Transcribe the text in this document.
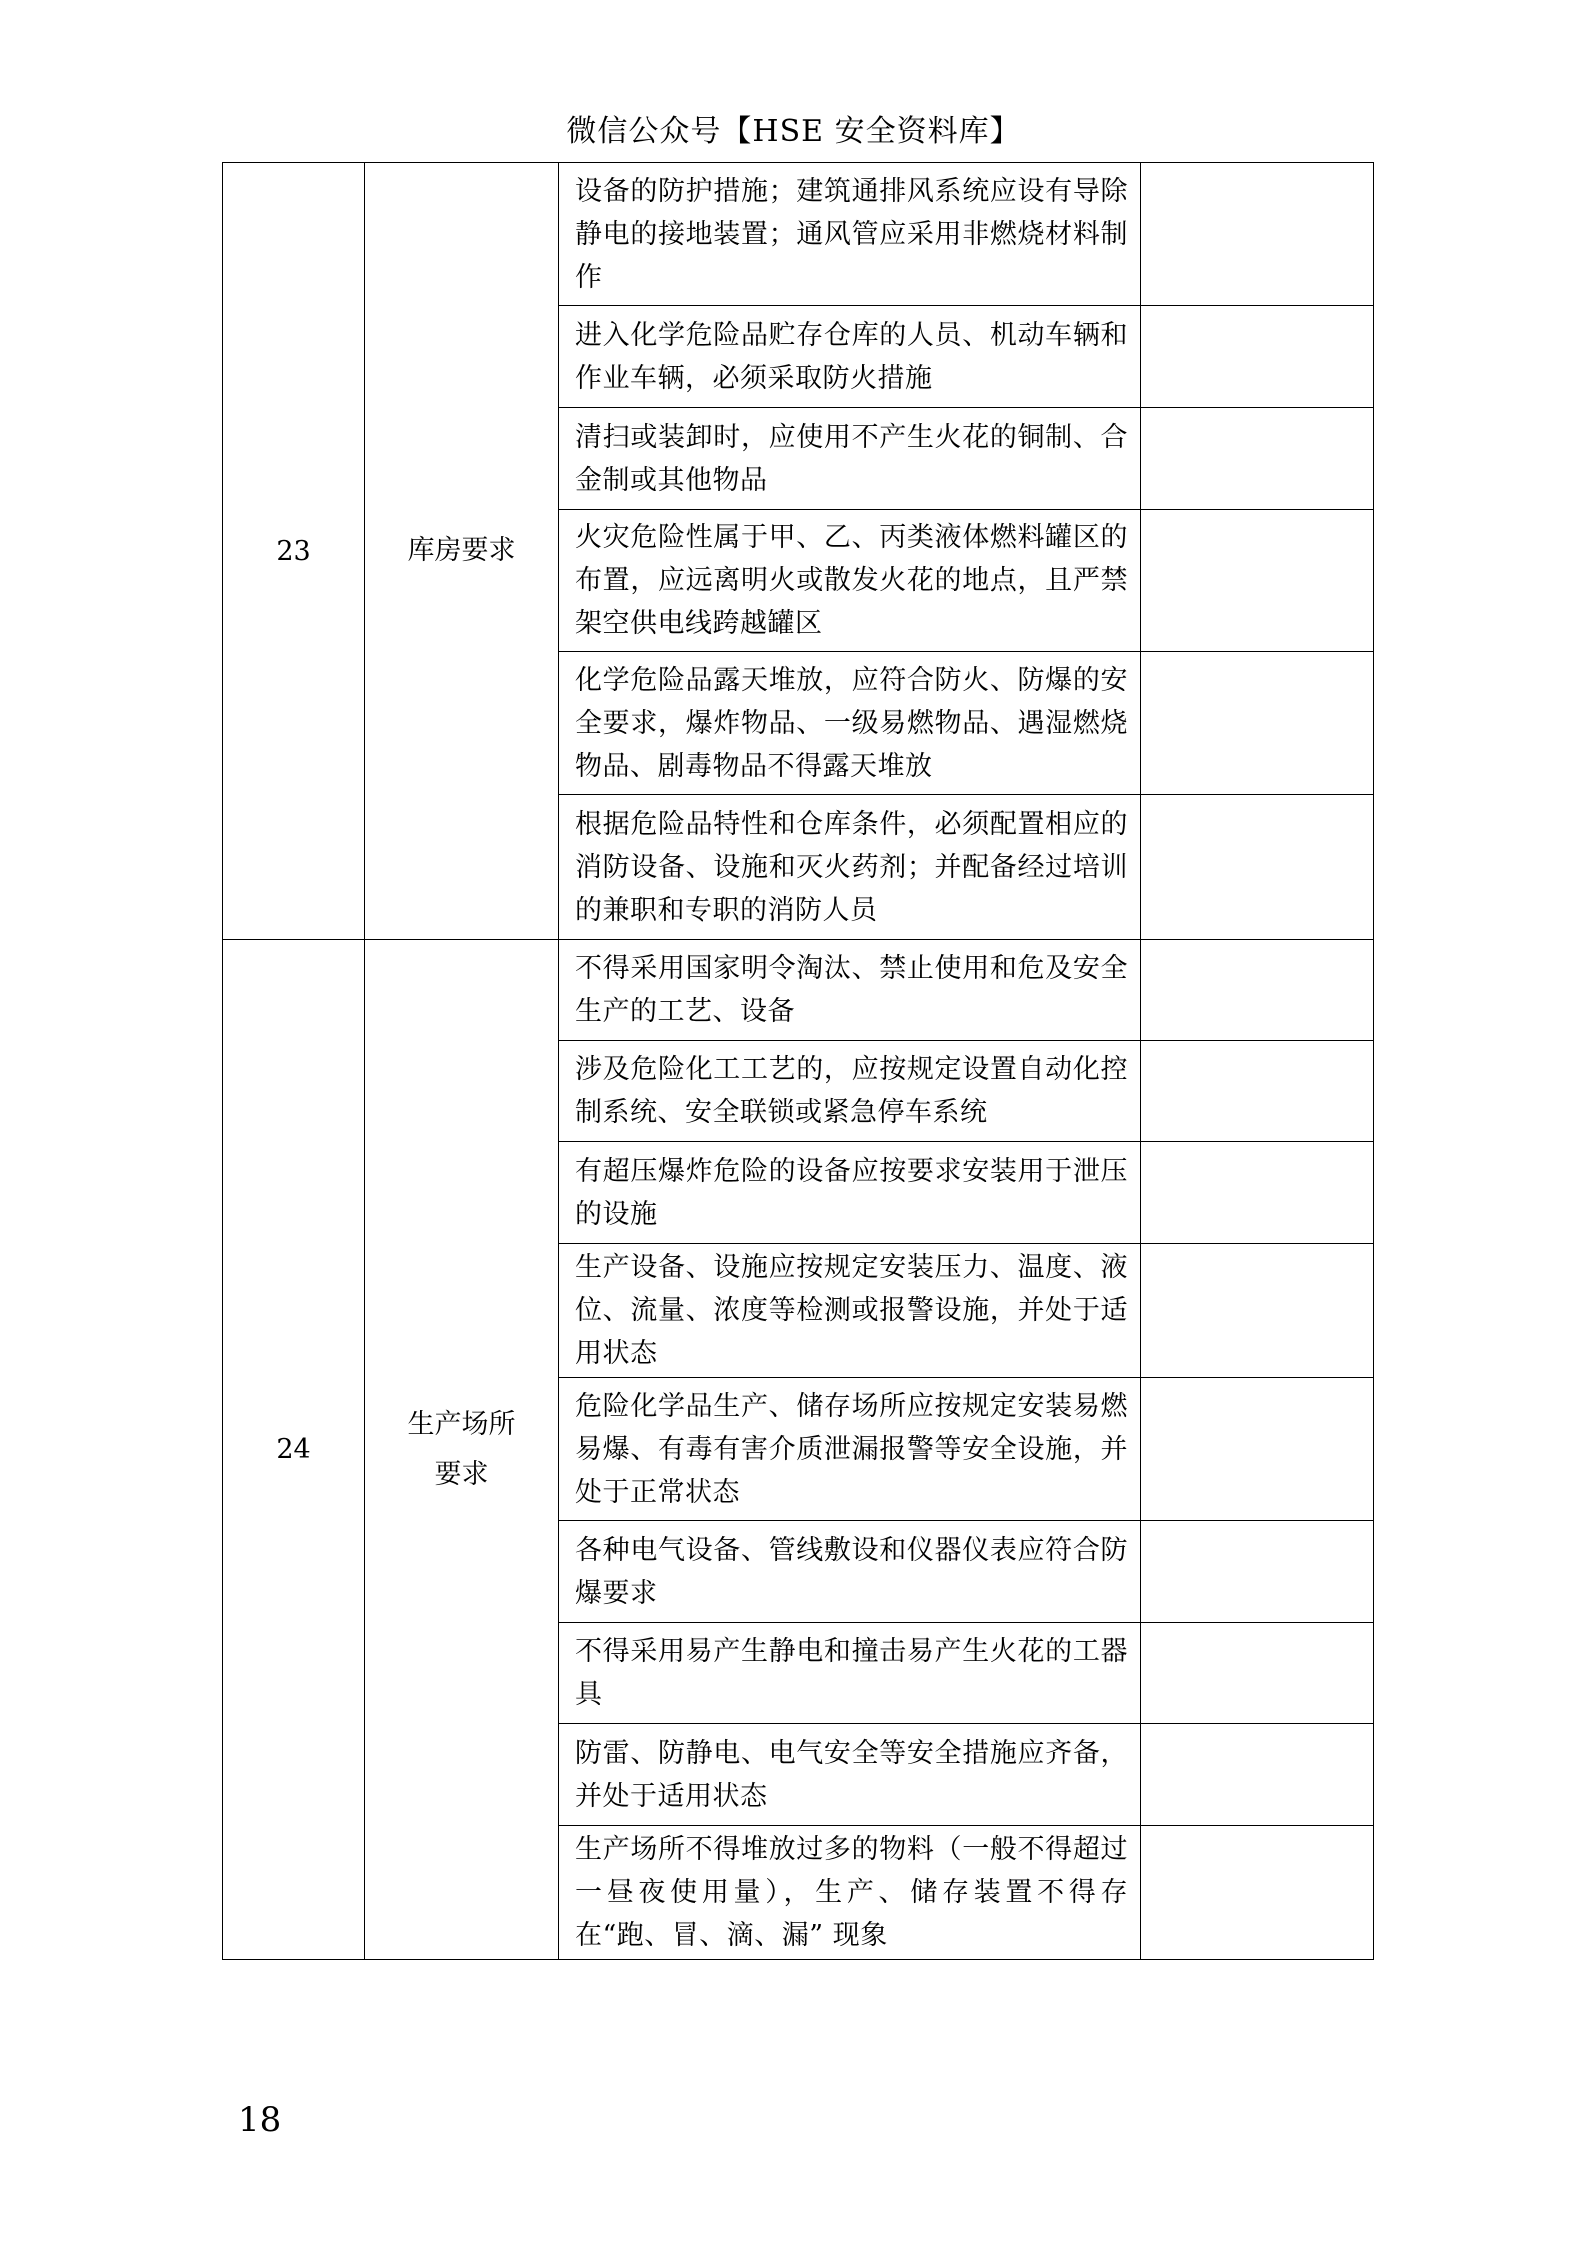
微信公众号【HSE 安全资料库】
23	库房要求	设备的防护措施；建筑通排风系统应设有导除静电的接地装置；通风管应采用非燃烧材料制作	
		进入化学危险品贮存仓库的人员、机动车辆和作业车辆，必须采取防火措施	
		清扫或装卸时，应使用不产生火花的铜制、合金制或其他物品	
		火灾危险性属于甲、乙、丙类液体燃料罐区的布置，应远离明火或散发火花的地点，且严禁架空供电线跨越罐区	
		化学危险品露天堆放，应符合防火、防爆的安全要求，爆炸物品、一级易燃物品、遇湿燃烧物品、剧毒物品不得露天堆放	
		根据危险品特性和仓库条件，必须配置相应的消防设备、设施和灭火药剂；并配备经过培训的兼职和专职的消防人员	
24	生产场所要求	不得采用国家明令淘汰、禁止使用和危及安全生产的工艺、设备	
		涉及危险化工工艺的，应按规定设置自动化控制系统、安全联锁或紧急停车系统	
		有超压爆炸危险的设备应按要求安装用于泄压的设施	
		生产设备、设施应按规定安装压力、温度、液位、流量、浓度等检测或报警设施，并处于适用状态	
		危险化学品生产、储存场所应按规定安装易燃易爆、有毒有害介质泄漏报警等安全设施，并处于正常状态	
		各种电气设备、管线敷设和仪器仪表应符合防爆要求	
		不得采用易产生静电和撞击易产生火花的工器具	
		防雷、防静电、电气安全等安全措施应齐备，并处于适用状态	
		生产场所不得堆放过多的物料（一般不得超过一昼夜使用量），生产、储存装置不得存在“跑、冒、滴、漏” 现象	
18
